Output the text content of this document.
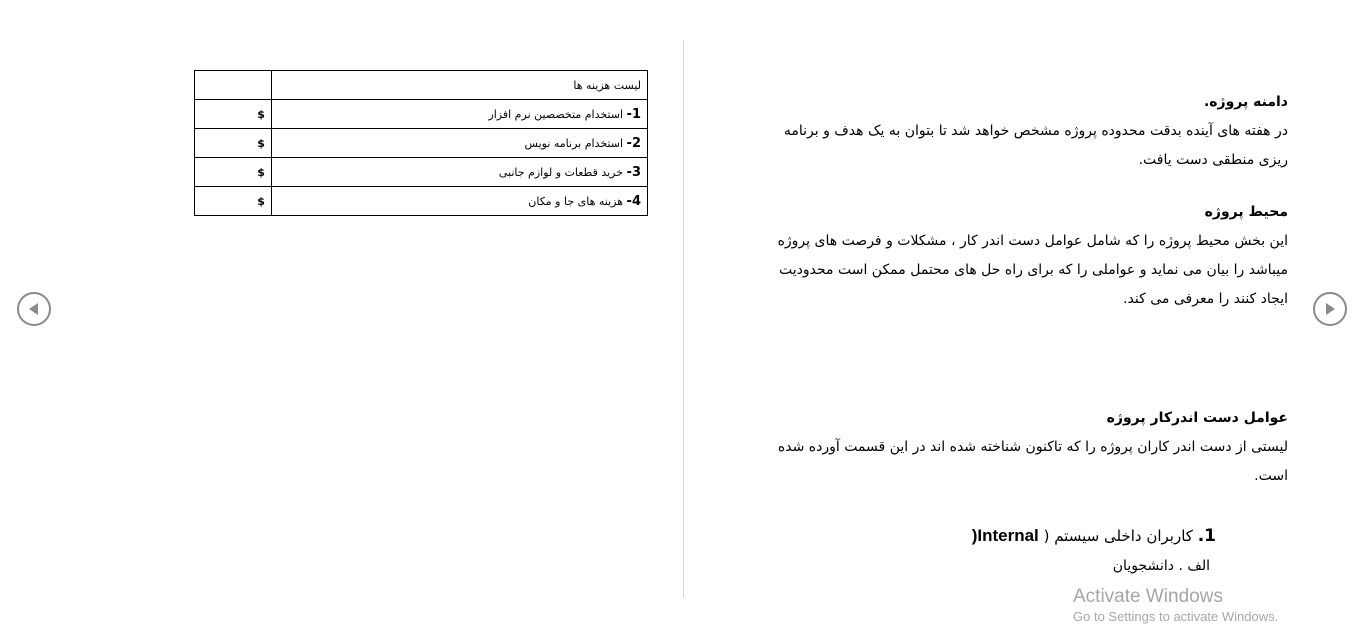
لیست هزینه ها	
1- استخدام متخصصین نرم افزار	$
2- استخدام برنامه نویس	$
3- خرید قطعات و لوازم جانبی	$
4- هزینه های جا و مکان	$

دامنه پروژه.

در هفته های آینده بدقت محدوده پروژه مشخص خواهد شد تا بتوان به یک هدف و برنامه

ریزی منطقی دست یافت.

محیط پروژه

این بخش محیط پروژه را که شامل عوامل دست اندر کار ، مشکلات و فرصت های پروژه

میباشد را بیان می نماید و عواملی را که برای راه حل های محتمل ممکن است محدودیت

ایجاد کنند را معرفی می کند.

عوامل دست اندرکار پروژه

لیستی از دست اندر کاران پروژه را که تاکنون شناخته شده اند در این قسمت آورده شده

است.

1. کاربران داخلی سیستم ( Internal(
الف . دانشجویان
Activate Windows
Go to Settings to activate Windows.
